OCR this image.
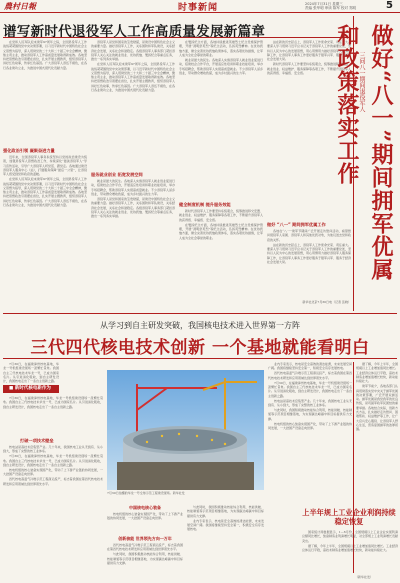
農村日報	时事新闻	2024年7月31日 星期三
责编 张华明 审读 陈军 校对 郑明	5
谱写新时代退役军人工作高质量发展新篇章

在党和人民军队迎来建军97周年之际，全国退役军人工作战线紧紧围绕党中央决策部署，以习近平新时代中国特色社会主义思想为指导，深入贯彻党的二十大和二十届三中全会精神，聚焦主责主业，推动退役军人工作高质量发展取得新成效。各地坚持把思想政治引领摆在首位，扎实开展主题教育，组织退役军人讲好红色故事，传承红色基因。广大退役军人退伍不褪色，在各行各业建功立业，为推进中国式现代化贡献力量。

强化政治引领 凝聚奋进力量

近年来，全国退役军人事务系统坚持以党的政治建设为统领，加强退役军人思想政治工作，持续深化“最美退役军人”学习宣传活动，引导广大退役军人听党话、跟党走。各地通过建设退役军人服务中心（站），打通服务保障“最后一公里”，让退役军人感受到党和政府的温暖。

在党和人民军队迎来建军97周年之际，全国退役军人工作战线紧紧围绕党中央决策部署，以习近平新时代中国特色社会主义思想为指导，深入贯彻党的二十大和二十届三中全会精神，聚焦主责主业，推动退役军人工作高质量发展取得新成效。各地坚持把思想政治引领摆在首位，扎实开展主题教育，组织退役军人讲好红色故事，传承红色基因。广大退役军人退伍不褪色，在各行各业建功立业，为推进中国式现代化贡献力量。

退役军人是党和国家的宝贵财富，是建设中国特色社会主义的重要力量。做好退役军人工作，关系国防和军队建设，关系经济社会发展，关系社会和谐稳定。各级退役军人事务部门紧扣退役军人关心关注的就业创业、优待抚恤、褒扬纪念等重点任务，推出一系列务实举措。

在党和人民军队迎来建军97周年之际，全国退役军人工作战线紧紧围绕党中央决策部署，以习近平新时代中国特色社会主义思想为指导，深入贯彻党的二十大和二十届三中全会精神，聚焦主责主业，推动退役军人工作高质量发展取得新成效。各地坚持把思想政治引领摆在首位，扎实开展主题教育，组织退役军人讲好红色故事，传承红色基因。广大退役军人退伍不褪色，在各行各业建功立业，为推进中国式现代化贡献力量。

服务就业创业 拓宽发展空间

就业是最大的民生。各地深入实施退役军人就业创业促进行动，搭建校企合作平台，开展适应性培训和职业技能培训，举办专场招聘会，帮助退役军人实现高质量就业。不少退役军人返乡创业，带动群众增收致富，成为乡村振兴的生力军。

退役军人是党和国家的宝贵财富，是建设中国特色社会主义的重要力量。做好退役军人工作，关系国防和军队建设，关系经济社会发展，关系社会和谐稳定。各级退役军人事务部门紧扣退役军人关心关注的就业创业、优待抚恤、褒扬纪念等重点任务，推出一系列务实举措。

在褒扬纪念方面，各地持续推进英雄烈士纪念设施保护管理，开展“清明祭英烈”等纪念活动，弘扬英烈精神。在优待抚恤方面，健全完善优待抚恤政策体系，落实各项优待措施，让军人成为全社会尊崇的职业。

就业是最大的民生。各地深入实施退役军人就业创业促进行动，搭建校企合作平台，开展适应性培训和职业技能培训，举办专场招聘会，帮助退役军人实现高质量就业。不少退役军人返乡创业，带动群众增收致富，成为乡村振兴的生力军。

健全制度机制 提升服务效能

新时代退役军人工作要坚持系统观念，统筹推进移交安置、就业创业、权益维护、服务保障等各项工作，不断提升退役军人的获得感、幸福感、安全感。

在褒扬纪念方面，各地持续推进英雄烈士纪念设施保护管理，开展“清明祭英烈”等纪念活动，弘扬英烈精神。在优待抚恤方面，健全完善优待抚恤政策体系，落实各项优待措施，让军人成为全社会尊崇的职业。

站在新的历史起点上，退役军人工作使命光荣、责任重大。要深入学习贯彻习近平总书记关于退役军人工作的重要论述，坚持以人民为中心的发展思想，用心用情用力做好退役军人服务保障工作，让退役军人事务工作更好服务于强军兴军、服务于经济社会发展大局。

新时代退役军人工作要坚持系统观念，统筹推进移交安置、就业创业、权益维护、服务保障等各项工作，不断提升退役军人的获得感、幸福感、安全感。

做好 “八一” 期间拥军优属工作

各地在“八一”建军节期间广泛开展走访慰问活动，看望慰问现役军人家属、退役军人和其他优抚对象，为他们送去党和政府的关怀。

站在新的历史起点上，退役军人工作使命光荣、责任重大。要深入学习贯彻习近平总书记关于退役军人工作的重要论述，坚持以人民为中心的发展思想，用心用情用力做好退役军人服务保障工作，让退役军人事务工作更好服务于强军兴军、服务于经济社会发展大局。

新华社北京7月30日电（记者 张晓）
做好“八一”期间拥军优属和政策落实工作
三问八一期间退役军人
从学习到自主研发突破，我国核电技术进入世界第一方阵
三代四代核电技术创新 一个基地就能看明白

7月30日，在福建漳州核电基地，华龙一号机组建设现场一派繁忙景象。我国自主三代核电技术华龙一号，已成为国家名片。从引进消化吸收，到自主研发设计，我国核电走出了一条自主创新之路。

■ 新时代核电新作为

7月30日，在福建漳州核电基地，华龙一号机组建设现场一派繁忙景象。我国自主三代核电技术华龙一号，已成为国家名片。从引进消化吸收，到自主研发设计，我国核电走出了一条自主创新之路。

打破一项技术壁垒

核电站是高技术密集型产业。几十年来，我国核电工业从无到有、从小到大，形成了完整的核工业体系。

7月30日，在福建漳州核电基地，华龙一号机组建设现场一派繁忙景象。我国自主三代核电技术华龙一号，已成为国家名片。从引进消化吸收，到自主研发设计，我国核电走出了一条自主创新之路。

核电机组的核心装备实现国产化，带动了上下游产业链的协同发展，一大批国产设备走向世界。

四代核电高温气冷堆示范工程商运投产，标志着我国在第四代核电技术研发和应用领域达到世界领先水平。

7月30日拍摄的华龙一号全球示范工程建设现场。新华社发
中国核电核心装备

核电机组的核心装备实现国产化，带动了上下游产业链的协同发展，一大批国产设备走向世界。

创新核能 世界领先方向一万年

四代核电高温气冷堆示范工程商运投产，标志着我国在第四代核电技术研发和应用领域达到世界领先水平。

与此同时，我国积极推动核能综合利用，核能供暖、核能制氢等示范项目相继落地，为实现碳达峰碳中和目标提供有力支撑。

与此同时，我国积极推动核能综合利用，核能供暖、核能制氢等示范项目相继落地，为实现碳达峰碳中和目标提供有力支撑。

业内专家表示，核电是安全高效的清洁能源，未来发展空间广阔。我国将继续坚持安全第一，积极安全有序发展核电。

业内专家表示，核电是安全高效的清洁能源，未来发展空间广阔。我国将继续坚持安全第一，积极安全有序发展核电。

四代核电高温气冷堆示范工程商运投产，标志着我国在第四代核电技术研发和应用领域达到世界领先水平。

7月30日，在福建漳州核电基地，华龙一号机组建设现场一派繁忙景象。我国自主三代核电技术华龙一号，已成为国家名片。从引进消化吸收，到自主研发设计，我国核电走出了一条自主创新之路。

核电站是高技术密集型产业。几十年来，我国核电工业从无到有、从小到大，形成了完整的核工业体系。

与此同时，我国积极推动核能综合利用，核能供暖、核能制氢等示范项目相继落地，为实现碳达峰碳中和目标提供有力支撑。

核电机组的核心装备实现国产化，带动了上下游产业链的协同发展，一大批国产设备走向世界。

据了解，今年上半年，全国规模以上工业增加值同比增长。工业经济总体运行平稳，高技术制造业增加值增长较快，新动能持续壮大。

建军节前夕，各地各部门认真贯彻落实党中央关于拥军优属的决策部署，广泛开展双拥活动。拥军优属是我党我军的优良传统，是巩固军政军民团结的重要举措。各地结合实际，创新方式方法，扎实做好走访慰问、困难帮扶、权益维护等工作，让广大官兵安心服役、让退役军人舒心生活，营造爱国拥军的浓厚氛围。

上半年规上工业企业利润持续稳定恢复

国家统计局数据显示，1—6月份，全国规模以上工业企业实现利润总额同比增长，装备制造业利润增长明显，对全部规上工业利润增长贡献突出。

据了解，今年上半年，全国规模以上工业增加值同比增长。工业经济总体运行平稳，高技术制造业增加值增长较快，新动能持续壮大。

（新华社发）
